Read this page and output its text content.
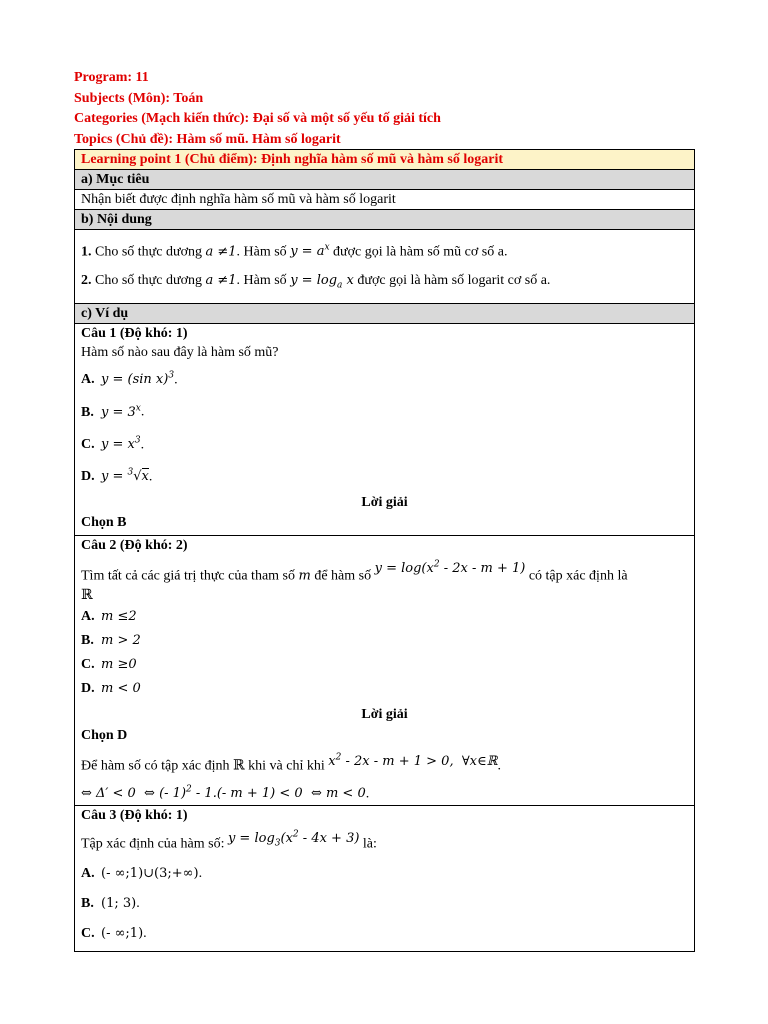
Program: 11
Subjects (Môn): Toán
Categories (Mạch kiến thức): Đại số và một số yếu tố giải tích
Topics (Chủ đề): Hàm số mũ. Hàm số logarit
Learning point 1 (Chủ điểm): Định nghĩa hàm số mũ và hàm số logarit
a) Mục tiêu
Nhận biết được định nghĩa hàm số mũ và hàm số logarit
b) Nội dung

1. Cho số thực dương a ≠1. Hàm số $y = a^x$ được gọi là hàm số mũ cơ số a.
2. Cho số thực dương a ≠1. Hàm số $y = \log_a x$ được gọi là hàm số logarit cơ số a.

c) Ví dụ

Câu 1 (Độ khó: 1)
Hàm số nào sau đây là hàm số mũ?
A. y = (sin x)$^3$.
B. $y = 3^x$.
C. $y = x^3$.
D. y = $^3$√x.
Lời giải
Chọn B

Câu 2 (Độ khó: 2)
Tìm tất cả các giá trị thực của tham số m để hàm số $y = \log(x^2 - 2x - m + 1)$ có tập xác định là
ℝ
A. m ≤2
B. m > 2
C. m ≥0
D. m < 0
Lời giải
Chọn D
Để hàm số có tập xác định ℝ khi và chỉ khi $x^2 - 2x - m + 1 > 0$,  ∀x∈ℝ.
⇔ Δ′ < 0  ⇔ (- 1)$^2$ - 1.(- m + 1) < 0  ⇔ m < 0.

Câu 3 (Độ khó: 1)
Tập xác định của hàm số: $y = \log_3(x^2 - 4x + 3)$ là:
A. (- ∞;1)∪(3;+∞).
B. (1; 3).
C. (- ∞;1).
